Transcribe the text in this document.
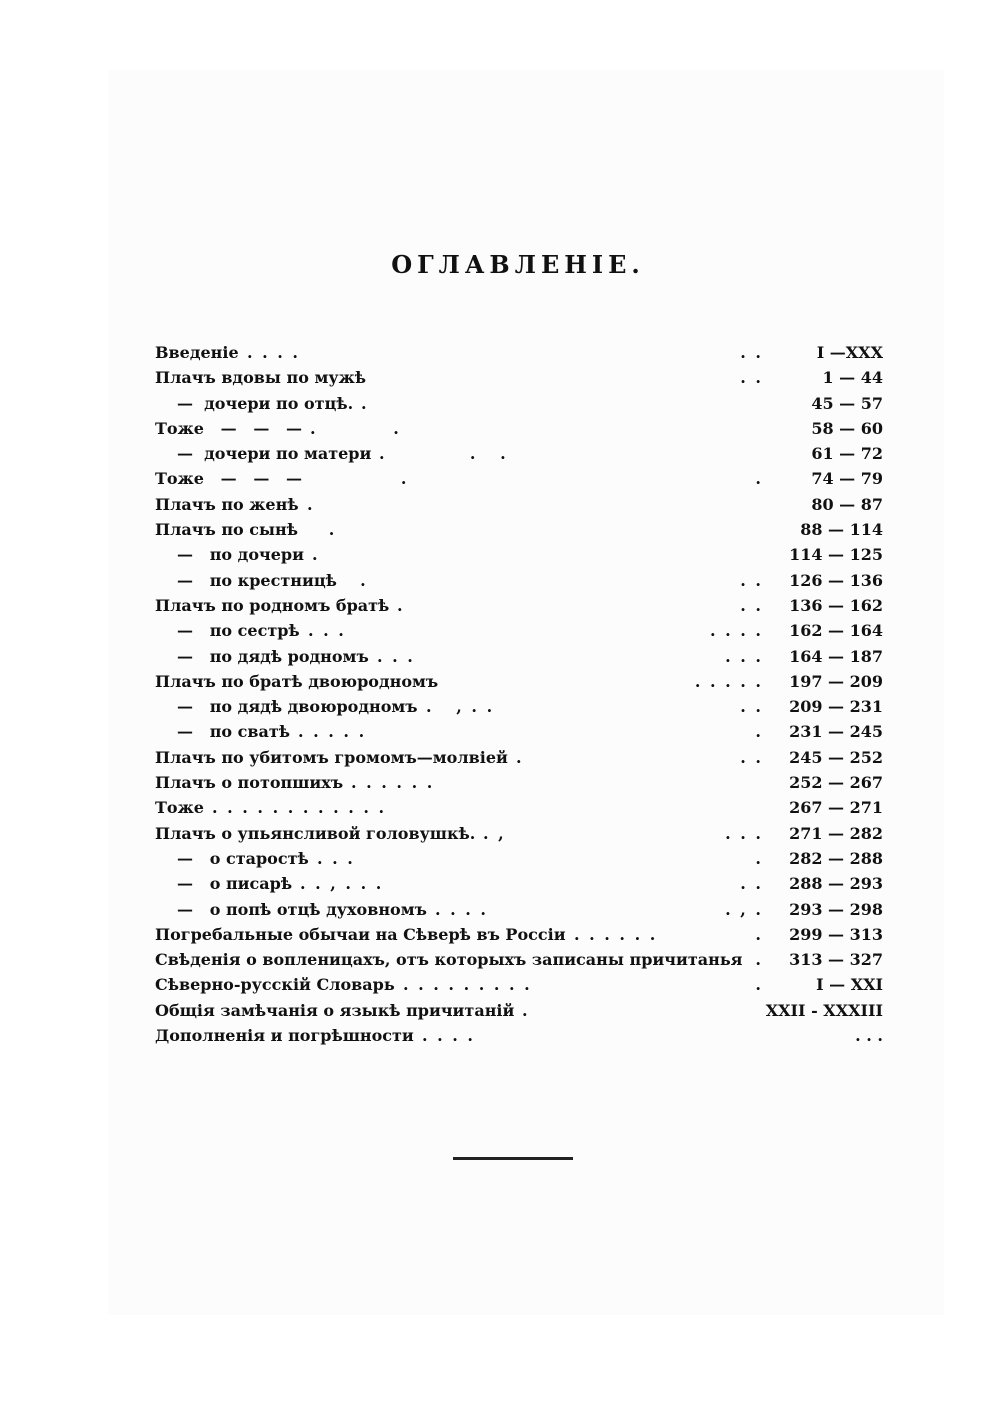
ОГЛАВЛЕНІЕ.
Введеніе . . . .	. .	I —XXX
Плачъ вдовы по мужѣ	. .	1 — 44
—  дочери по отцѣ. .	45 — 57
Тоже   —   —   — .          .	58 — 60
—  дочери по матери .           .   .	61 — 72
Тоже   —   —   — .	.	74 — 79
Плачъ по женѣ .	80 — 87
Плачъ по сынѣ .	88 — 114
—   по дочери .	114 — 125
—   по крестницѣ .	. . 126 — 136
Плачъ по родномъ братѣ .	. . 136 — 162
—   по сестрѣ . . .	. . . . 162 — 164
—   по дядѣ родномъ . . .	. . . 164 — 187
Плачъ по братѣ двоюродномъ	. . . . . 197 — 209
—   по дядѣ двоюродномъ .   , . .	. . 209 — 231
—   по сватѣ . . . . .	. 231 — 245
Плачъ по убитомъ громомъ—молвіей .	. . 245 — 252
Плачъ о потопшихъ . . . . . .	252 — 267
Тоже . . . . . . . . . . . .	267 — 271
Плачъ о упьянсливой головушкѣ. . ,	. . . 271 — 282
—   о старостѣ . . .	. 282 — 288
—   о писарѣ . . , . . .	. . 288 — 293
—   о попѣ отцѣ духовномъ . . . .	. , . 293 — 298
Погребальные обычаи на Сѣверѣ въ Россіи . . . . . .	. 299 — 313
Свѣденія о вопленицахъ, отъ которыхъ записаны причитанья . 313 — 327
Сѣверно-русскій Словарь . . . . . . . . .	.	I — XXI
Общія замѣчанія о языкѣ причитаній .	XXII - XXXIII
Дополненія и погрѣшности . . . .	. . .
